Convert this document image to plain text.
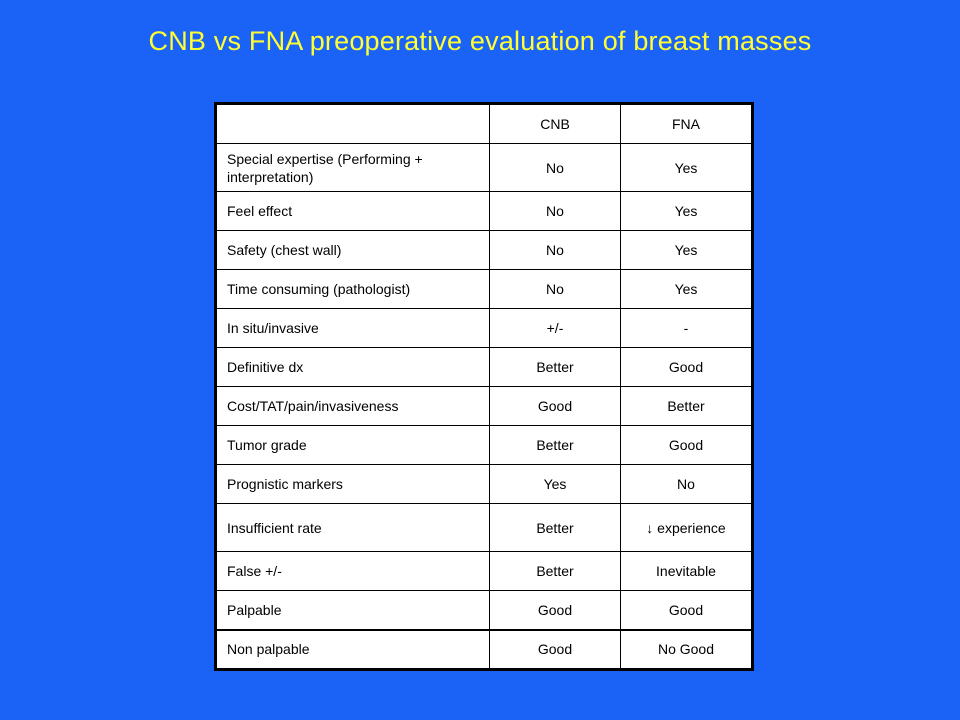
CNB vs FNA preoperative evaluation of breast masses
	CNB	FNA
Special expertise (Performing + interpretation)	No	Yes
Feel effect	No	Yes
Safety (chest wall)	No	Yes
Time consuming (pathologist)	No	Yes
In situ/invasive	+/-	-
Definitive dx	Better	Good
Cost/TAT/pain/invasiveness	Good	Better
Tumor grade	Better	Good
Prognistic markers	Yes	No
Insufficient rate	Better	↓ experience
False +/-	Better	Inevitable
Palpable	Good	Good
Non palpable	Good	No Good
